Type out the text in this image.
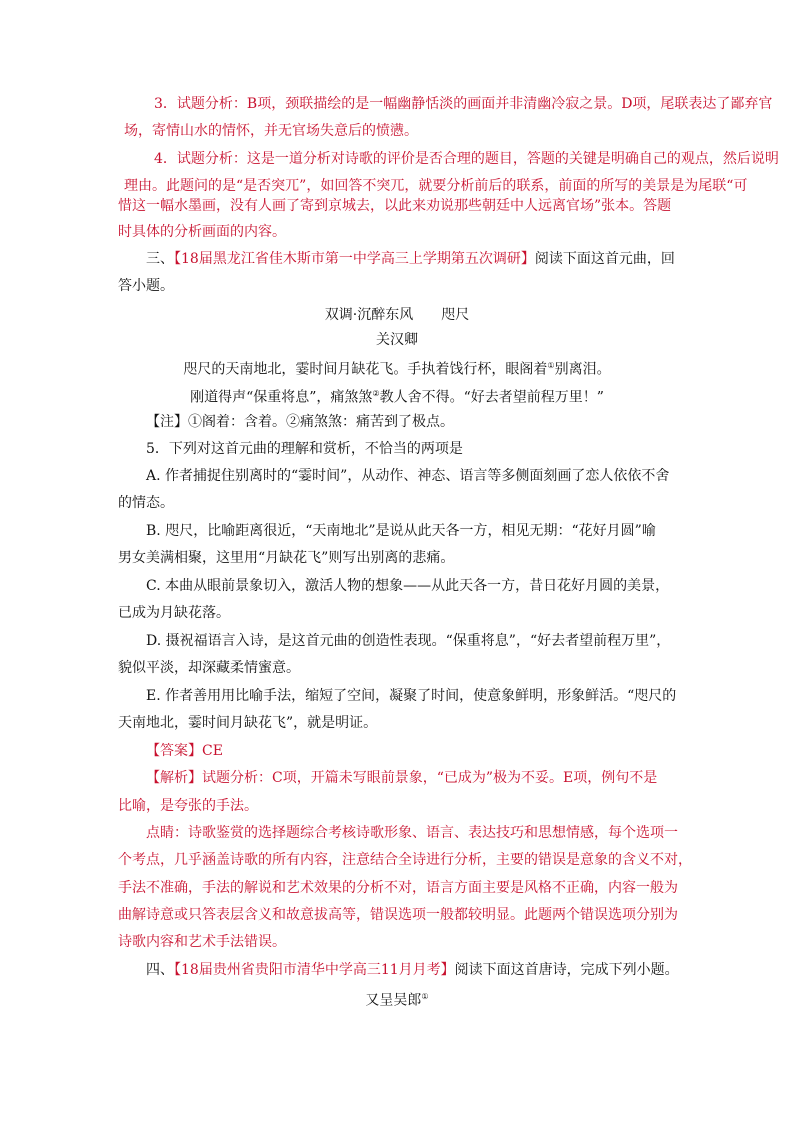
3．试题分析：B项，颈联描绘的是一幅幽静恬淡的画面并非清幽冷寂之景。D项，尾联表达了鄙弃官
场，寄情山水的情怀，并无官场失意后的愤懑。
4．试题分析：这是一道分析对诗歌的评价是否合理的题目，答题的关键是明确自己的观点，然后说明
理由。此题问的是“是否突兀”，如回答不突兀，就要分析前后的联系，前面的所写的美景是为尾联“可
惜这一幅水墨画，没有人画了寄到京城去，以此来劝说那些朝廷中人远离官场”张本。答题
时具体的分析画面的内容。
三、【18届黑龙江省佳木斯市第一中学高三上学期第五次调研】阅读下面这首元曲，回
答小题。
双调·沉醉东风　　咫尺
关汉卿
咫尺的天南地北，霎时间月缺花飞。手执着饯行杯，眼阁着①别离泪。
刚道得声“保重将息”，痛煞煞②教人舍不得。“好去者望前程万里！”
【注】①阁着：含着。②痛煞煞：痛苦到了极点。
5．下列对这首元曲的理解和赏析，不恰当的两项是
A. 作者捕捉住别离时的“霎时间”，从动作、神态、语言等多侧面刻画了恋人依依不舍
的情态。
B. 咫尺，比喻距离很近，“天南地北”是说从此天各一方，相见无期：“花好月圆”喻
男女美满相聚，这里用“月缺花飞”则写出别离的悲痛。
C. 本曲从眼前景象切入，激活人物的想象——从此天各一方，昔日花好月圆的美景，
已成为月缺花落。
D. 摄祝福语言入诗，是这首元曲的创造性表现。“保重将息”，“好去者望前程万里”，
貌似平淡，却深藏柔情蜜意。
E. 作者善用用比喻手法，缩短了空间，凝聚了时间，使意象鲜明，形象鲜活。“咫尺的
天南地北，霎时间月缺花飞”，就是明证。
【答案】CE
【解析】试题分析：C项，开篇未写眼前景象，“已成为”极为不妥。E项，例句不是
比喻，是夸张的手法。
点睛：诗歌鉴赏的选择题综合考核诗歌形象、语言、表达技巧和思想情感，每个选项一
个考点，几乎涵盖诗歌的所有内容，注意结合全诗进行分析，主要的错误是意象的含义不对，
手法不准确，手法的解说和艺术效果的分析不对，语言方面主要是风格不正确，内容一般为
曲解诗意或只答表层含义和故意拔高等，错误选项一般都较明显。此题两个错误选项分别为
诗歌内容和艺术手法错误。
四、【18届贵州省贵阳市清华中学高三11月月考】阅读下面这首唐诗，完成下列小题。
又呈吴郎①
